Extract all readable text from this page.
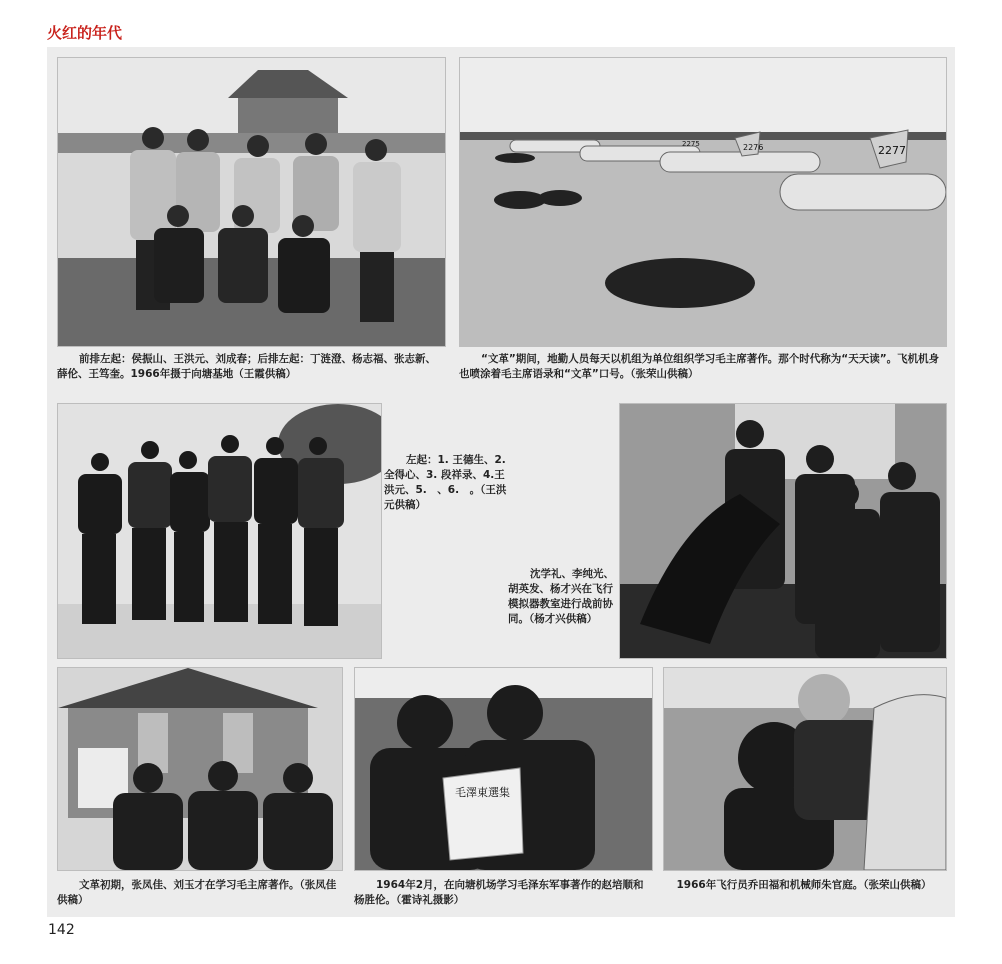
火红的年代
前排左起：侯振山、王洪元、刘成春；后排左起：丁涟澄、杨志福、张志新、薛伦、王笃奎。1966年摄于向塘基地（王霞供稿）
2277
2276
2275
“文革”期间，地勤人员每天以机组为单位组织学习毛主席著作。那个时代称为“天天读”。飞机机身也喷涂着毛主席语录和“文革”口号。（张荣山供稿）
左起：1. 王德生、2. 全得心、3. 段祥录、4.王洪元、5.　、6.　。（王洪元供稿）
沈学礼、李纯光、胡英发、杨才兴在飞行模拟器教室进行战前协同。（杨才兴供稿）
文革初期，张凤佳、刘玉才在学习毛主席著作。（张凤佳供稿）
毛澤東選集
1964年2月，在向塘机场学习毛泽东军事著作的赵培顺和杨胜伦。（霍诗礼摄影）
1966年飞行员乔田福和机械师朱官庭。（张荣山供稿）
142
